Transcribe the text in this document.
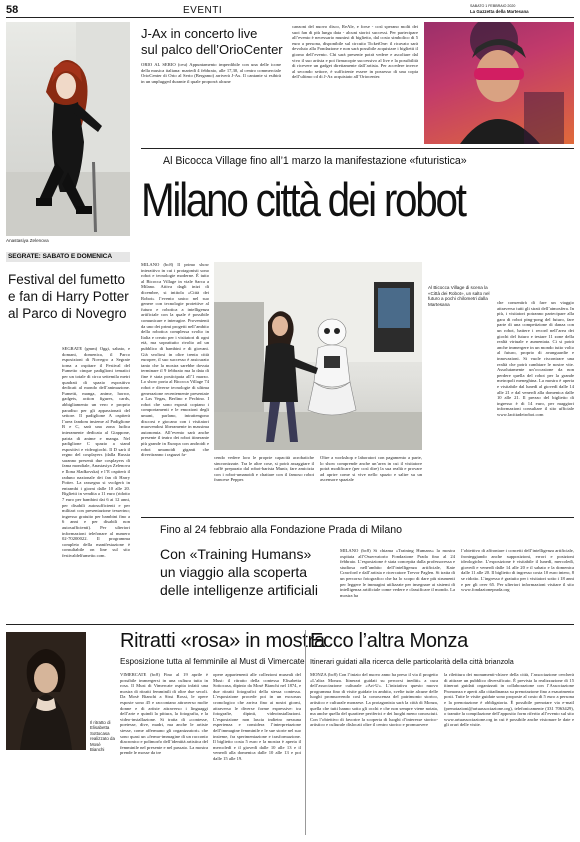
58	EVENTI	SABATO 1 FEBBRAIO 2020
La Gazzetta della Martesana
Anastasiya Zelenova
J-Ax in concerto live
sul palco dell’OrioCenter
ORIO AL SERIO (ceu) Appuntamento imperdibile con una delle icone della musica italiana: martedì 4 febbraio, alle 17,30, al centro commerciale OrioCenter di Orio al Serio (Bergamo) arriverà J-Ax. Il cantante si esibirà in un unplugged durante il quale proporrà alcune
canzoni del nuovo disco, ReAle, e forse - così sperano molti dei suoi fan di più lunga data - alcuni storici successi. Per partecipare all’evento è necessario munirsi di biglietto, dal costo simbolico di 5 euro a persona, disponibile sul circuito TicketOne: il ricavato sarà devoluto alla Fondazione e non sarà possibile acquistare i biglietti il giorno dell’evento. Chi sarà presente potrà vedere e ascoltare dal vivo il suo artista e poi firmacopie successivo al live e la possibilità di ricevere un gadget direttamente dall’artista. Per accedere invece al secondo settore, è sufficiente essere in possesso di una copia dell’ultimo cd di J-Ax acquistato all’Oriocenter.
SEGRATE: SABATO E DOMENICA
Festival del fumetto
e fan di Harry Potter
al Parco di Novegro
SEGRATE (gmm) Oggi, sabato, e domani, domenica, il Parco esposizioni di Novegro a Segrate torna a ospitare il Festival del Fumetto cinque padiglioni tematici per un totale di circa settemila metri quadrati di spazio espositivo dedicati al mondo dell’animazione. Fumetti, manga, anime, horror, gadgets, action figures, cards, abbigliamento un vero e proprio paradiso per gli appassionati del settore. Il padiglione A ospiterà l’area fandom insieme al Padiglione B e C, sarà una zona ludica interamente dedicata al Giappone, patria di anime e manga. Nel padiglione C spazio a stand espositivi e videogiochi. Il D sarà il regno del cosplayers (dalla Russia saranno presenti due cosplayers di fama mondiale, Anastasiya Zelenova e Ilona Sladkovska) e l’E ospiterà il raduno nazionale dei fan di Harry Potter. La rassegna si svolgerà in entrambi i giorni dalle 10 alle 20. Biglietti in vendita a 11 euro (ridotto 7 euro per bambini dai 6 ai 12 anni, per disabili autosufficienti e per militari con presentazione tesserino; ingresso gratuito per bambini fino a 6 anni e per disabili non autosufficienti). Per ulteriori informazioni telefonare al numero 02-70200022. Il programma completo della manifestazione è consultabile on line sul sito festivaldelfumetto.com.
Al Bicocca Village fino all’1 marzo la manifestazione «futuristica»
Milano città dei robot
MILANO (bc8) Il primo show interattivo in cui i protagonisti sono robot e tecnologie moderne. È tutto al Bicocca Village in viale Sarca a Milano. Attiva dagli inizi di dicembre, si intitola «Città dei Robot» l’evento unico nel suo genere con tecnologie protettive al futuro e robotica a intelligenza artificiale con la quale è possibile comunicare e interagire. Provenienti da uno dei primi progetti nell’ambito della robotica complessa svolto in Italia e creato per i visitatori di ogni età, ma soprattutto rivolto ad un pubblico di bambini e di giovani. Già svoltosi in oltre trenta città europee, il suo successo è assicurato tanto che la mostra sarebbe dovuta terminare il 9 febbraio ma la data di fine è stata posticipata all’1 marzo. Lo show porta al Bicocca Village 74 robot e diverse tecnologie di ultima generazione recentemente presentate a Las Vegas, Berlino e Pechino. I robot che sono esposti copiano i comportamenti e le emozioni degli umani, parlano, intrattengono discorsi e giocano con i visitatori muovendosi liberamente in massima autonomia. All’evento sarà anche presente il teatro dei robot itinerante più grande in Europa con androidi e robot umanoidi giganti che divertiranno i ragazzi fa-
Al Bicocca Village di scena la «Città dei Robot», un salto nel futuro a pochi chilometri dalla Martesana
cendo vedere loro le proprie capacità acrobatiche sincronizzate. Tra le altre cose, si potrà assaggiare il caffè preparato dal robot-barista Munir, fare amicizia con i robot-umanoidi e chattare con il famoso robot francese Pepper.
Oltre a workshop e laboratori con pagamento a parte, lo show comprende anche un’area in cui il visitatore potrà modificare (per così dire) la sua realtà e provare ad aprire come si vive nello spazio e salire su un ascensore spaziale
che consentirà di fare un viaggio attraverso tutti gli strati dell’atmosfera. In più, i visitatori potranno partecipare alla gara di robot ping-pong del futuro, fare parte di una competizione di danza con un robot, battere i record nell’area dei giochi del futuro e testare 11 zone della realtà virtuale e aumentata. Ci si potrà anche immergere in un mondo tutto volto al futuro, proprio di avanguardie e innovazioni. Si vuole riscontrare una realtà che potrà cambiare le nostre vite. Assolutamente un’occasione da non perdere quella del robot per la grande metropoli meneghina. La mostra è aperta e visitabile dal lunedì al giovedì dalle 14 alle 21 e dal venerdì alla domenica dalle 10 alle 21. Il prezzo del biglietto di ingresso è di 14 euro, per maggiori informazioni consultare il sito ufficiale www.lacittadeirobot.com
Fino al 24 febbraio alla Fondazione Prada di Milano
Con «Training Humans»
un viaggio alla scoperta
delle intelligenze artificiali
MILANO (bc8) Si chiama «Training Humans» la mostra ospitata all’Osservatorio Fondazione Prada fino al 24 febbraio. L’esposizione è stata concepita dalla professoressa e studiosa nell’ambito dell’intelligenza artificiale, Kate Crawford e dall’artista e ricercatore Trevor Paglen. Si tratta di un percorso fotografico che ha lo scopo di dare più strumenti per leggere le immagini utilizzate per insegnare ai sistemi di intelligenza artificiale come vedere e classificare il mondo. La mostra ha
l’obiettivo di affrontare i concetti dell’intelligenza artificiale, fronteggiando anche supposizioni, errori e posizioni ideologiche. L’esposizione è visitabile il lunedì, mercoledì, giovedì e venerdì dalle 14 alle 20 e il sabato e la domenica dalle 11 alle 20. Il biglietto di ingresso costa 10 euro intero, 8 se ridotto. L’ingresso è gratuito per i visitatori sotto i 18 anni e per gli over 65. Per ulteriori informazioni visitare il sito www.fondazioneprada.org
Ritratti «rosa» in mostra
Esposizione tutta al femminile al Must di Vimercate
Il ritratto di Elisabetta Sottocasa realizzato da Mosè Bianchi
VIMERCATE (bc8) Fino al 19 aprile è possibile immergersi in una cultura tutta in rosa. Il Must di Vimercate ospita infatti una mostra di ritratti femminili di oltre due secoli. Da Mosè Bianchi a Sissi Rossi, le opere esposte sono 45 e raccontano attraverso molte donne e di artiste attraverso i linguaggi dell’arte e quindi la pittura, la fotografia, e la video-installazione. Si tratta di «contesse, poetesse, dive, madri, ma anche le artiste stesse, come affermano gli organizzatori» che sono quasi un «fermo-immagine di un racconto diacronico e polimorfo dell’identità artistica del femminile nel presente e nel passato. La mostra prende le mosse da tre
opere appartenenti alle collezioni museali del Must: il ritratto della contessa Elisabetta Sottocasa, dipinto da Mosè Bianchi nel 1874, e due ritratti fotografici della stessa contessa. L’esposizione procede poi in un excursus cronologico che arriva fino ai nostri giorni, attraverso le diverse forme espressive: tra fotografie, dipinti, videoinstallazioni. L’esposizione non lascia indietro nessuna esperienza e considera l’interpretazione dell’immagine femminile e le sue storie nel suo insieme, fra sperimentazione e trasformazione. Il biglietto costa 5 euro e la mostra è aperta il mercoledì e il giovedì dalle 10 alle 13 e il venerdì alla domenica dalle 10 alle 13 e poi dalle 15 alle 19.
Ecco l’altra Monza
Itinerari guidati alla ricerca delle particolarità della città brianzola
MONZA (bc8) Con l’inizio del nuovo anno ha preso il via il progetto «L’altra Monza. Itinerari guidati su percorsi inediti» a cura dell’associazione culturale «Art-U». L’iniziativa questo nuovo programma fino di visite guidate in ambito, svelte tutte alcune delle luoghi promuovendo così la conoscenza del patrimonio storico, artistico e culturale monzese. La protagonista sarà la città di Monza, quella che tutti hanno sotto gli occhi e che non sempre viene notata, ma anche quella del quartiere periferici e dei luoghi meno conosciuti. Con l’obiettivo di favorire la scoperta di luoghi d’interesse storico-artistico e culturale dislocati oltre il centro storico e promuovere
la riletttura dei monumenti-chiave della città, l’associazione cercherà di attirare un pubblico diversificato. È prevista la realizzazione di 15 itinerari guidati organizzati in collaborazione con l’Associazione Promonza e aperti alla cittadinanza su prenotazione fino a esaurimento posti. Tutte le visite guidate sono proposte al costo di 5 euro a persona e la prenotazione è obbligatoria. È possibile prenotare via e-mail (prenotazioni@artuassociazione.org), telefonicamente (331 7063429), o tramite la compilazione dell’apposito form riferito all’evento sul sito www.artuassociazione.org in cui è possibile anche visionare le date e gli orari delle visite.
